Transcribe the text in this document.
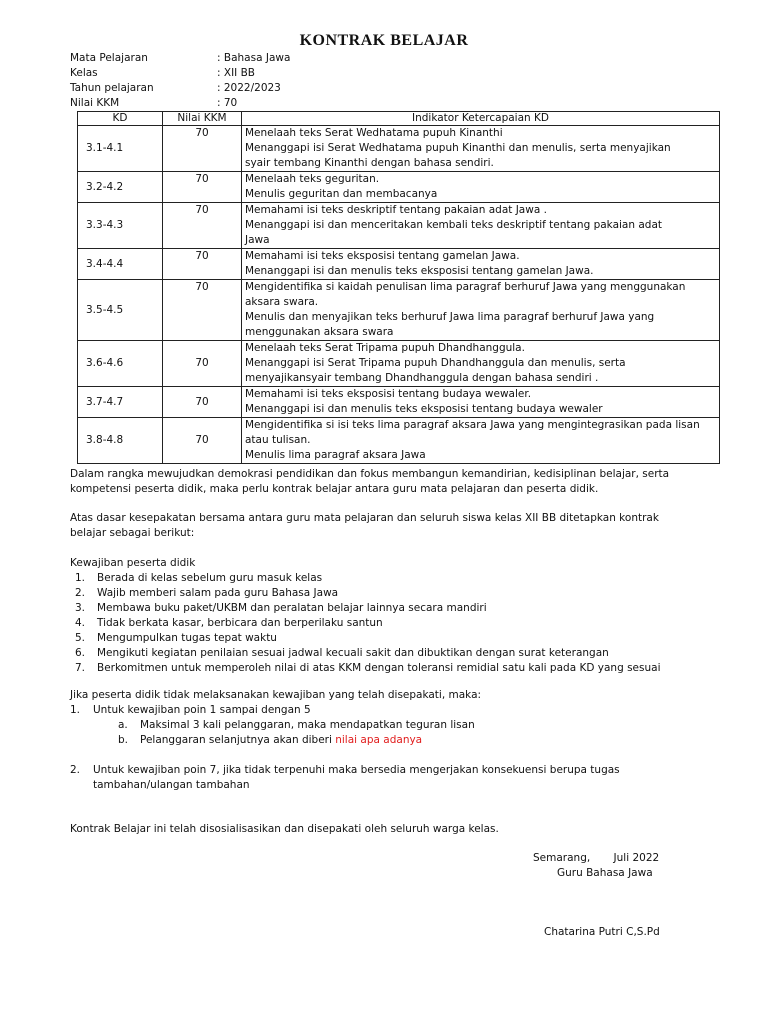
KONTRAK BELAJAR
Mata Pelajaran	: Bahasa Jawa
Kelas	: XII BB
Tahun pelajaran	: 2022/2023
Nilai KKM	: 70
KD	Nilai KKM	Indikator Ketercapaian KD
3.1-4.1	70	Menelaah teks Serat Wedhatama pupuh Kinanthi
Menanggapi isi Serat Wedhatama pupuh Kinanthi dan menulis, serta menyajikan
syair tembang Kinanthi dengan bahasa sendiri.

3.2-4.2	70	Menelaah teks geguritan.
Menulis geguritan dan membacanya

3.3-4.3	70	Memahami isi teks deskriptif tentang pakaian adat Jawa .
Menanggapi isi dan menceritakan kembali teks deskriptif tentang pakaian adat
Jawa

3.4-4.4	70	Memahami isi teks eksposisi tentang gamelan Jawa.
Menanggapi isi dan menulis teks eksposisi tentang gamelan Jawa.

3.5-4.5	70	Mengidentifika si kaidah penulisan lima paragraf berhuruf Jawa yang menggunakan
aksara swara.
Menulis dan menyajikan teks berhuruf Jawa lima paragraf berhuruf Jawa yang
menggunakan aksara swara

3.6-4.6	70	Menelaah teks Serat Tripama pupuh Dhandhanggula.
Menanggapi isi Serat Tripama pupuh Dhandhanggula dan menulis, serta
menyajikansyair tembang Dhandhanggula dengan bahasa sendiri .

3.7-4.7	70	Memahami isi teks eksposisi tentang budaya wewaler.
Menanggapi isi dan menulis teks eksposisi tentang budaya wewaler

3.8-4.8	70	Mengidentifika si isi teks lima paragraf aksara Jawa yang mengintegrasikan pada lisan
atau tulisan.
Menulis lima paragraf aksara Jawa
Dalam rangka mewujudkan demokrasi pendidikan dan fokus membangun kemandirian, kedisiplinan belajar, serta
kompetensi peserta didik, maka perlu kontrak belajar antara guru mata pelajaran dan peserta didik.
Atas dasar kesepakatan bersama antara guru mata pelajaran dan seluruh siswa kelas XII BB ditetapkan kontrak
belajar sebagai berikut:
Kewajiban peserta didik
1. Berada di kelas sebelum guru masuk kelas
2. Wajib memberi salam pada guru Bahasa Jawa
3. Membawa buku paket/UKBM dan peralatan belajar lainnya secara mandiri
4. Tidak berkata kasar, berbicara dan berperilaku santun
5. Mengumpulkan tugas tepat waktu
6. Mengikuti kegiatan penilaian sesuai jadwal kecuali sakit dan dibuktikan dengan surat keterangan
7. Berkomitmen untuk memperoleh nilai di atas KKM dengan toleransi remidial satu kali pada KD yang sesuai
Jika peserta didik tidak melaksanakan kewajiban yang telah disepakati, maka:
1. Untuk kewajiban poin 1 sampai dengan 5
a. Maksimal 3 kali pelanggaran, maka mendapatkan teguran lisan
b. Pelanggaran selanjutnya akan diberi nilai apa adanya
2. Untuk kewajiban poin 7, jika tidak terpenuhi maka bersedia mengerjakan konsekuensi berupa tugas
tambahan/ulangan tambahan
Kontrak Belajar ini telah disosialisasikan dan disepakati oleh seluruh warga kelas.
Semarang,       Juli 2022
Guru Bahasa Jawa
Chatarina Putri C,S.Pd
